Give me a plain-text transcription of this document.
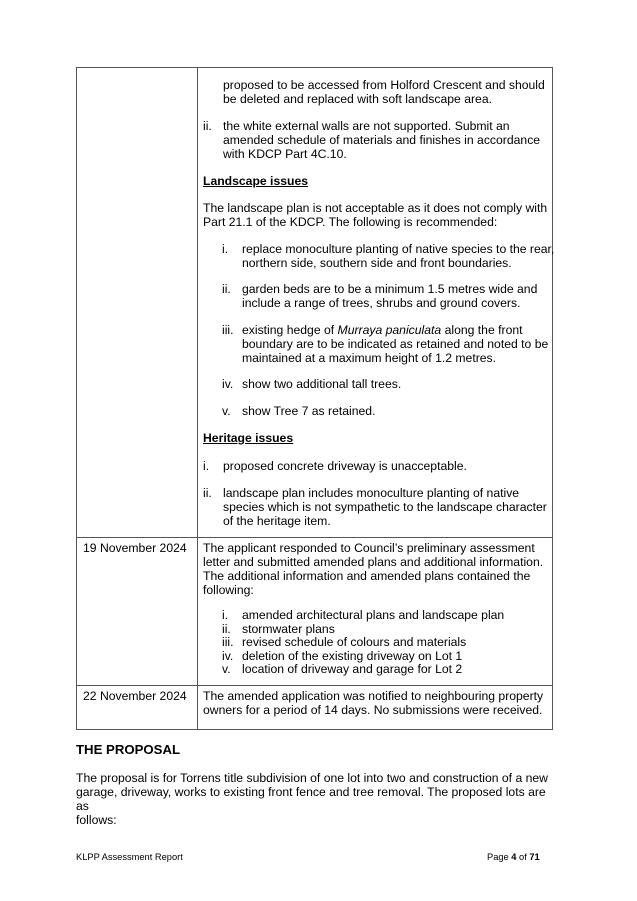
proposed to be accessed from Holford Crescent and should
be deleted and replaced with soft landscape area.
ii. the white external walls are not supported. Submit an
amended schedule of materials and finishes in accordance
with KDCP Part 4C.10.
Landscape issues
The landscape plan is not acceptable as it does not comply with
Part 21.1 of the KDCP. The following is recommended:
i. replace monoculture planting of native species to the rear,
northern side, southern side and front boundaries.
ii. garden beds are to be a minimum 1.5 metres wide and
include a range of trees, shrubs and ground covers.
iii. existing hedge of Murraya paniculata along the front
boundary are to be indicated as retained and noted to be
maintained at a maximum height of 1.2 metres.
iv. show two additional tall trees.
v. show Tree 7 as retained.
Heritage issues
i. proposed concrete driveway is unacceptable.
ii. landscape plan includes monoculture planting of native
species which is not sympathetic to the landscape character
of the heritage item.
19 November 2024 The applicant responded to Council’s preliminary assessment
letter and submitted amended plans and additional information.
The additional information and amended plans contained the
following:
i.
ii.
iii.
iv.
v.
amended architectural plans and landscape plan
stormwater plans
revised schedule of colours and materials
deletion of the existing driveway on Lot 1
location of driveway and garage for Lot 2
22 November 2024 The amended application was notified to neighbouring property
owners for a period of 14 days. No submissions were received.
THE PROPOSAL
The proposal is for Torrens title subdivision of one lot into two and construction of a new
garage, driveway, works to existing front fence and tree removal. The proposed lots are as
follows:
KLPP Assessment Report	Page 4 of 71
